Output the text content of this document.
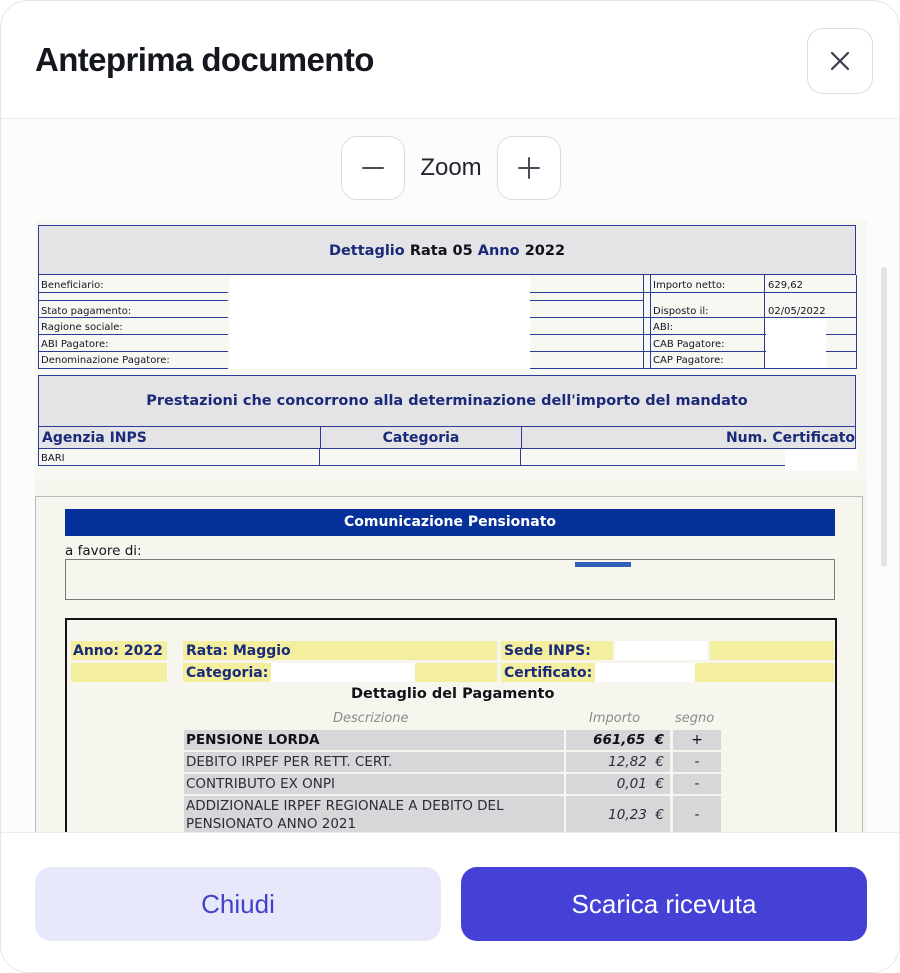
Anteprima documento
Zoom
Dettaglio Rata 05 Anno 2022
Beneficiario:
Stato pagamento:
Ragione sociale:
ABI Pagatore:
Denominazione Pagatore:
Importo netto:	629,62
Disposto il:	02/05/2022
ABI:
CAB Pagatore:
CAP Pagatore:
Prestazioni che concorrono alla determinazione dell'importo del mandato
Agenzia INPS	Categoria	Num. Certificato
BARI
Comunicazione Pensionato
a favore di:
Anno: 2022 Rata: Maggio	Sede INPS:
Categoria:	Certificato:
Dettaglio del Pagamento
Descrizione	Importo	segno
PENSIONE LORDA	661,65 €	+
DEBITO IRPEF PER RETT. CERT.	12,82 €	-
CONTRIBUTO EX ONPI	0,01 €	-
ADDIZIONALE IRPEF REGIONALE A DEBITO DEL
PENSIONATO ANNO 2021
10,23 €	-
Chiudi	Scarica ricevuta
